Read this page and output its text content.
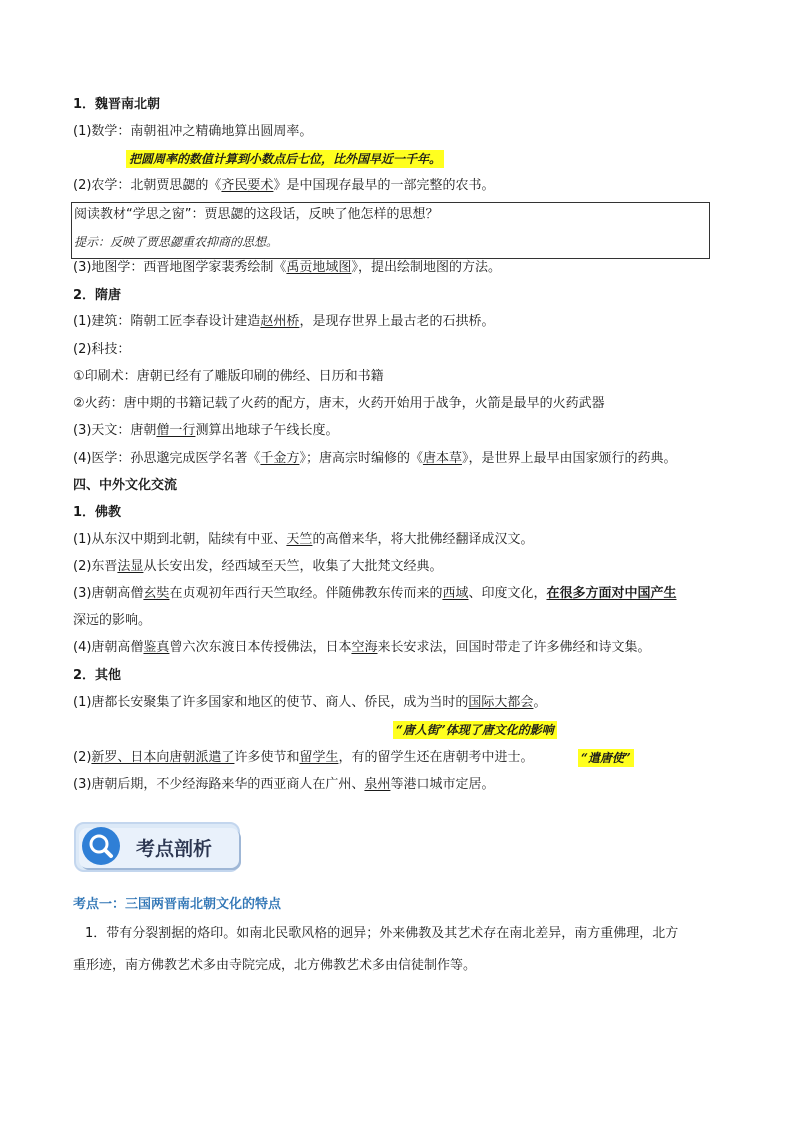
1．魏晋南北朝
(1)数学：南朝祖冲之精确地算出圆周率。
把圆周率的数值计算到小数点后七位，比外国早近一千年。
(2)农学：北朝贾思勰的《齐民要术》是中国现存最早的一部完整的农书。
阅读教材“学思之窗”：贾思勰的这段话，反映了他怎样的思想？
提示：反映了贾思勰重农抑商的思想。
(3)地图学：西晋地图学家裴秀绘制《禹贡地域图》，提出绘制地图的方法。
2．隋唐
(1)建筑：隋朝工匠李春设计建造赵州桥，是现存世界上最古老的石拱桥。
(2)科技：
①印刷术：唐朝已经有了雕版印刷的佛经、日历和书籍
②火药：唐中期的书籍记载了火药的配方，唐末，火药开始用于战争，火箭是最早的火药武器
(3)天文：唐朝僧一行测算出地球子午线长度。
(4)医学：孙思邈完成医学名著《千金方》；唐高宗时编修的《唐本草》，是世界上最早由国家颁行的药典。
四、中外文化交流
1．佛教
(1)从东汉中期到北朝，陆续有中亚、天竺的高僧来华，将大批佛经翻译成汉文。
(2)东晋法显从长安出发，经西域至天竺，收集了大批梵文经典。
(3)唐朝高僧玄奘在贞观初年西行天竺取经。伴随佛教东传而来的西域、印度文化，在很多方面对中国产生
深远的影响。
(4)唐朝高僧鉴真曾六次东渡日本传授佛法，日本空海来长安求法，回国时带走了许多佛经和诗文集。
2．其他
(1)唐都长安聚集了许多国家和地区的使节、商人、侨民，成为当时的国际大都会。
“唐人街”体现了唐文化的影响
(2)新罗、日本向唐朝派遣了许多使节和留学生，有的留学生还在唐朝考中进士。	“遣唐使”
(3)唐朝后期，不少经海路来华的西亚商人在广州、泉州等港口城市定居。
考点剖析
考点一：三国两晋南北朝文化的特点
1．带有分裂割据的烙印。如南北民歌风格的迥异；外来佛教及其艺术存在南北差异，南方重佛理，北方
重形迹，南方佛教艺术多由寺院完成，北方佛教艺术多由信徒制作等。
